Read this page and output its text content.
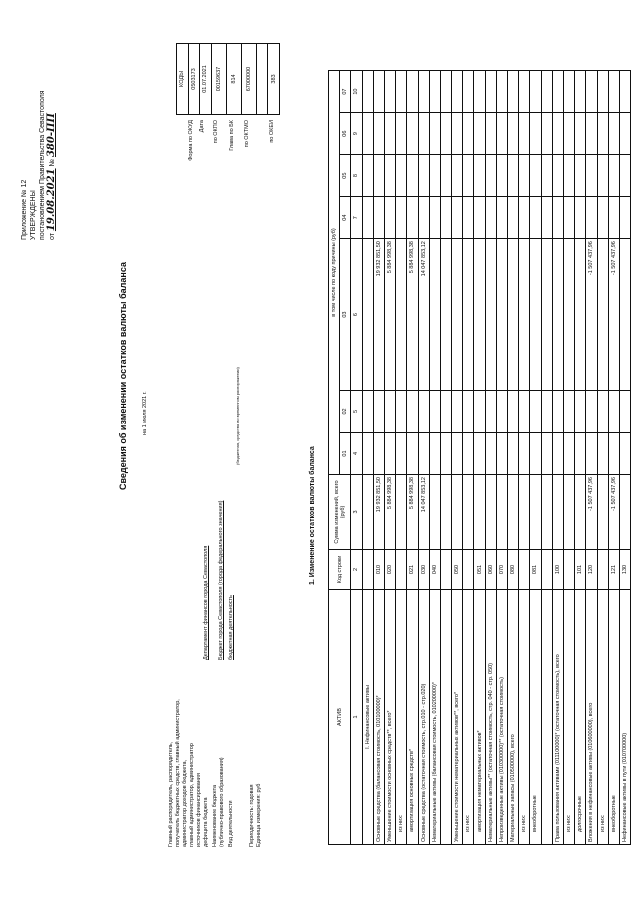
Приложение № 12 УТВЕРЖДЕНЫ постановлением Правительства Севастополя от 19.08.2021 № 380-ПП
Сведения об изменении остатков валюты баланса	на 1 июля 2021 г.
Главный распорядитель, распорядитель, получатель бюджетных средств, главный администратор, администратор доходов бюджета, главный администратор, администратор источников финансирования дефицита бюджета Наименование бюджета (публично-правового образования) Вид деятельности	Периодичность: годовая Единица измерения: руб
Департамент финансов города Севастополя Бюджет города Севастополя (города федерального значения) бюджетная деятельность
(бюджетная, средства во временном распоряжении)
Форма по ОКУД Дата по ОКПО Глава по БК по ОКТМО	по ОКЕИ
КОДЫ
0503173
01.07.2021
00159637
814
67000000

383
1. Изменение остатков валюты баланса
АКТИВ	Код строки	Сумма изменений, всего (руб)	в том числе по коду причины (руб)						
			01	02	03	04	05	06	07
1	2	3	4	5	6	7	8	9	10
I. Нефинансовые активы									
Основные средства (балансовая стоимость, 010100000)*	010	19 932 851,50			19 932 851,50				
Уменьшение стоимости основных средств**, всего*	020	5 884 998,38			5 884 998,38				
из них:									
амортизация основных средств*	021	5 884 998,38			5 884 998,38				
Основные средства (остаточная стоимость, стр.010 - стр.020)	030	14 047 853,12			14 047 853,12				
Нематериальные активы (балансовая стоимость, 010200000)*	040								

Уменьшение стоимости нематериальных активов**, всего*	050								
из них:									
амортизация нематериальных активов*	051								
Нематериальные активы** (остаточная стоимость, стр. 040 - стр. 050)	060								
Непроизведенные активы (010300000)** (остаточная стоимость)	070								
Материальные запасы (010500000), всего	080								
из них:									
внеоборотные	081								

Права пользования активами (011100000)* (остаточная стоимость), всего	100								
из них:									
долгосрочные	101								
Вложения в нефинансовые активы (010600000), всего	120	-1 507 437,96			-1 507 437,96				
из них:									
внеоборотные	121	-1 507 437,96			-1 507 437,96				
Нефинансовые активы в пути (010700000)	130								
